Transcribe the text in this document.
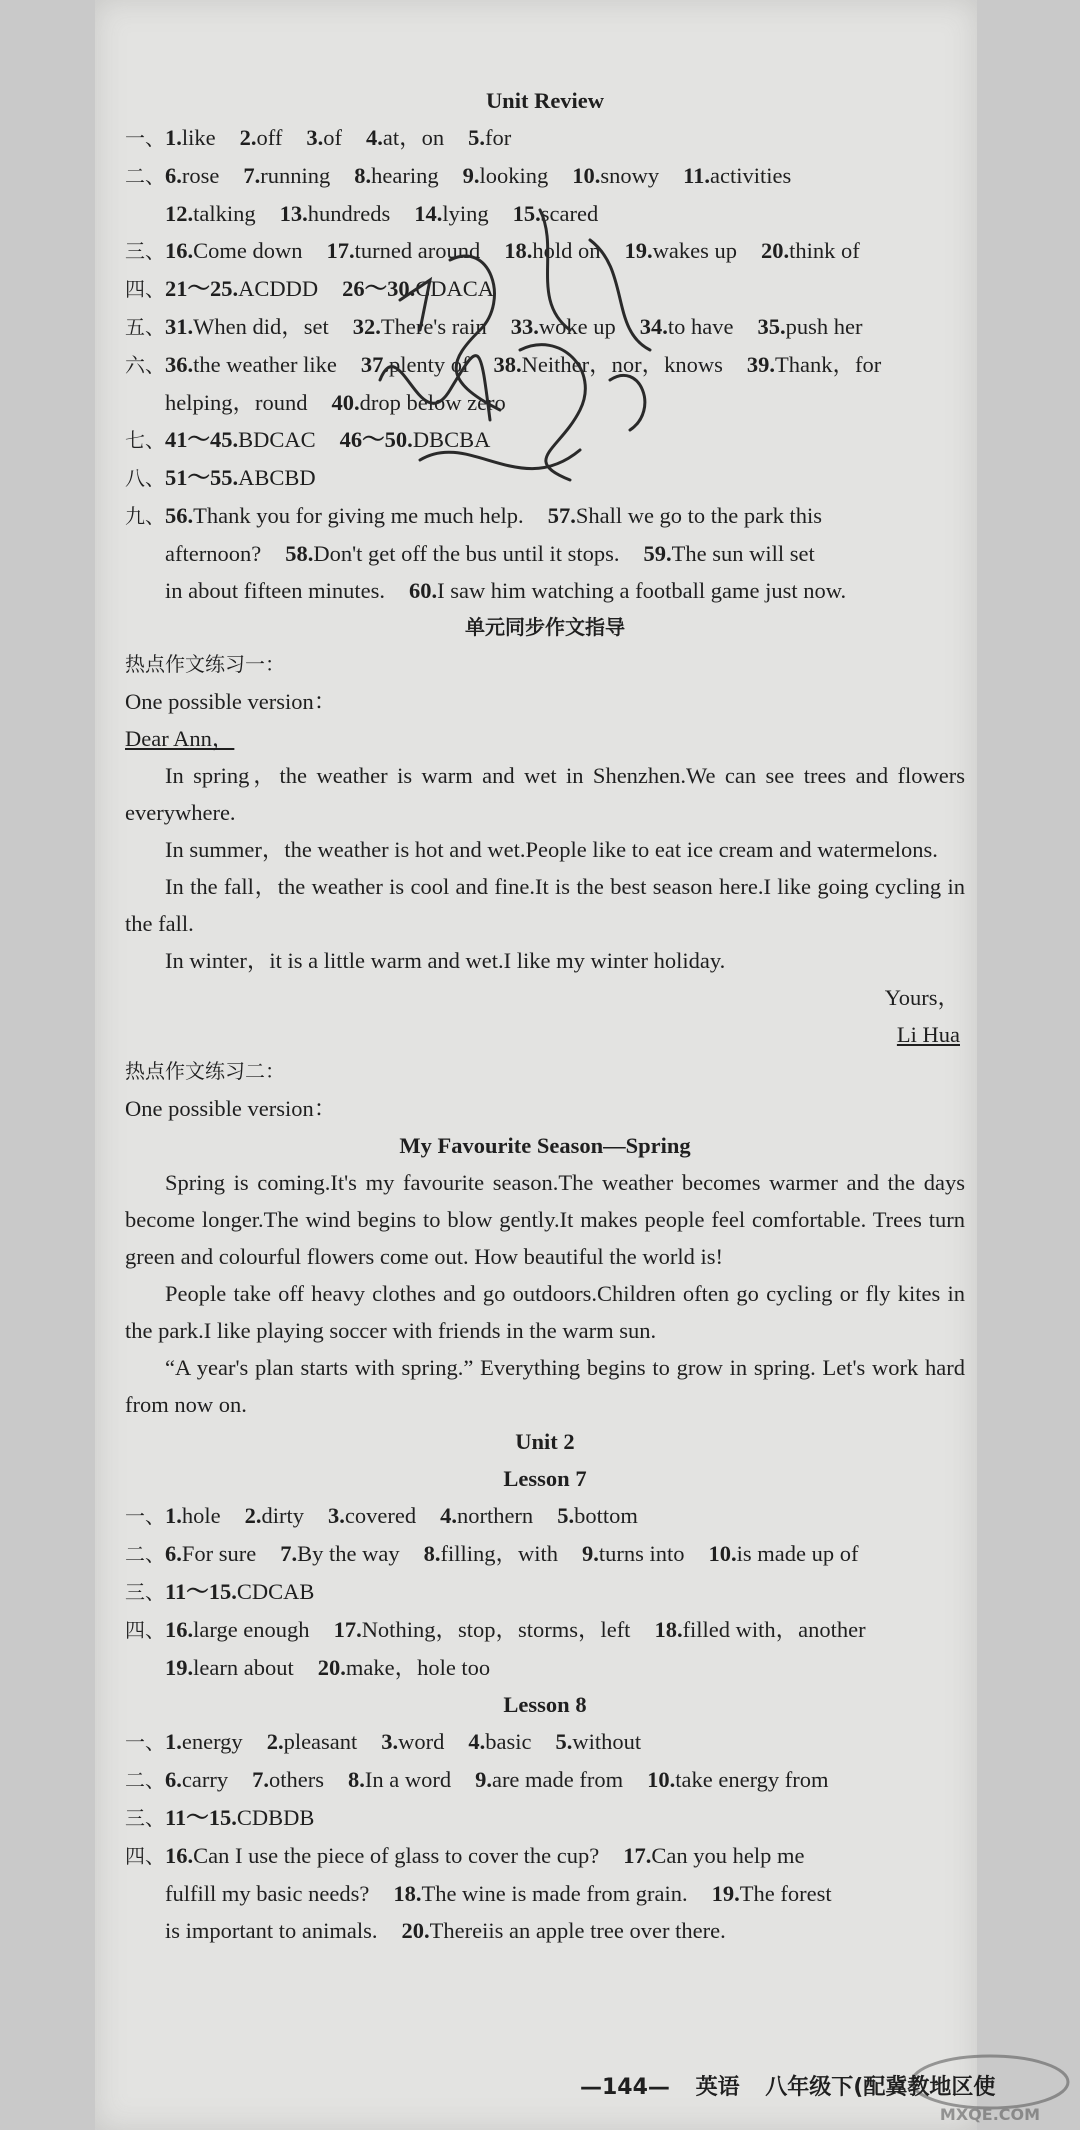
Unit Review
一、1.like 2.off 3.of 4.at，on 5.for
二、6.rose 7.running 8.hearing 9.looking 10.snowy 11.activities
12.talking 13.hundreds 14.lying 15.scared
三、16.Come down 17.turned around 18.hold on 19.wakes up 20.think of
四、21～25.ACDDD 26～30.CDACA
五、31.When did，set 32.There's rain 33.woke up 34.to have 35.push her
六、36.the weather like 37.plenty of 38.Neither，nor，knows 39.Thank，for
helping，round 40.drop below zero
七、41～45.BDCAC 46～50.DBCBA
八、51～55.ABCBD
九、56.Thank you for giving me much help. 57.Shall we go to the park this
afternoon? 58.Don't get off the bus until it stops. 59.The sun will set
in about fifteen minutes. 60.I saw him watching a football game just now.
单元同步作文指导
热点作文练习一：
One possible version：
Dear Ann，
In spring，the weather is warm and wet in Shenzhen.We can see trees and flowers everywhere.
In summer，the weather is hot and wet.People like to eat ice cream and watermelons.
In the fall，the weather is cool and fine.It is the best season here.I like going cycling in the fall.
In winter，it is a little warm and wet.I like my winter holiday.
Yours，
Li Hua
热点作文练习二：
One possible version：
My Favourite Season—Spring
Spring is coming.It's my favourite season.The weather becomes warmer and the days become longer.The wind begins to blow gently.It makes people feel comfortable. Trees turn green and colourful flowers come out. How beautiful the world is!
People take off heavy clothes and go outdoors.Children often go cycling or fly kites in the park.I like playing soccer with friends in the warm sun.
“A year's plan starts with spring.” Everything begins to grow in spring. Let's work hard from now on.
Unit 2
Lesson 7
一、1.hole 2.dirty 3.covered 4.northern 5.bottom
二、6.For sure 7.By the way 8.filling，with 9.turns into 10.is made up of
三、11～15.CDCAB
四、16.large enough 17.Nothing，stop，storms，left 18.filled with，another
19.learn about 20.make，hole too
Lesson 8
一、1.energy 2.pleasant 3.word 4.basic 5.without
二、6.carry 7.others 8.In a word 9.are made from 10.take energy from
三、11～15.CDBDB
四、16.Can I use the piece of glass to cover the cup? 17.Can you help me
fulfill my basic needs? 18.The wine is made from grain. 19.The forest
is important to animals. 20.Thereiis an apple tree over there.
MXQE.COM
—144— 英语 八年级下(配冀教地区使
